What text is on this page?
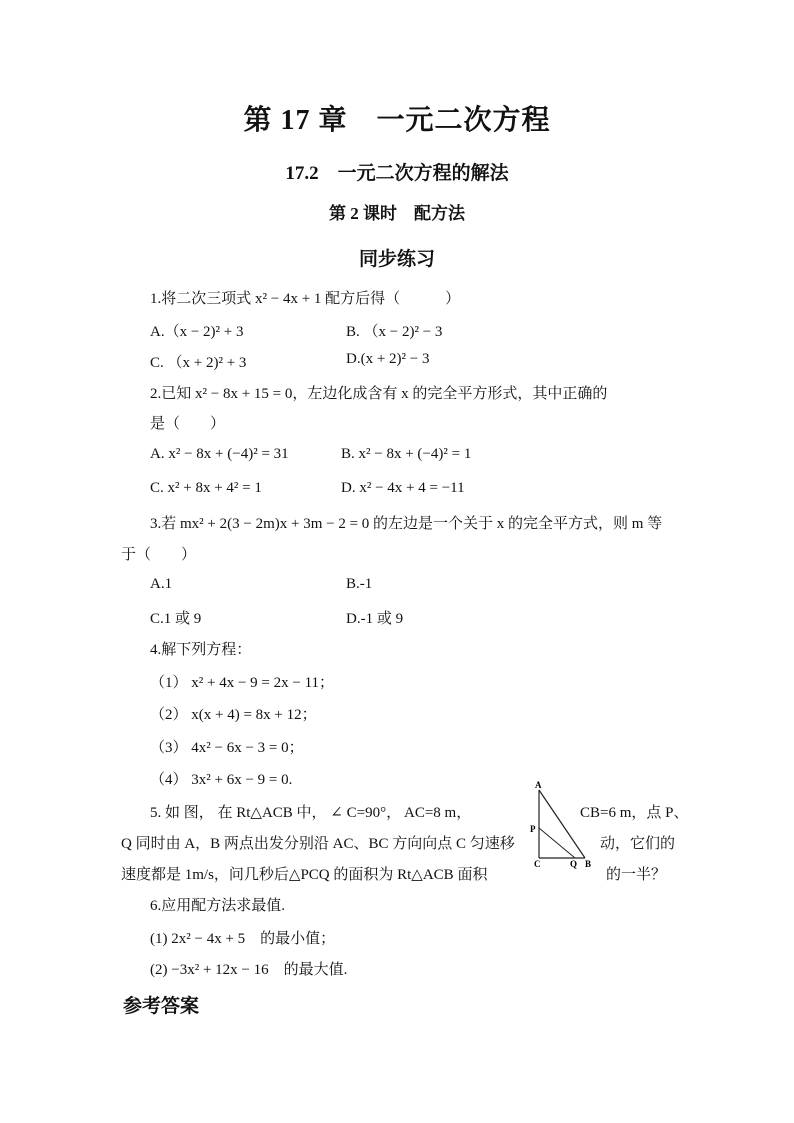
第 17 章　一元二次方程
17.2　一元二次方程的解法
第 2 课时　配方法
同步练习
1.将二次三项式 x² − 4x + 1 配方后得（　　　）
A.（x − 2)² + 3	B. （x − 2)² − 3
C. （x + 2)² + 3	D.(x + 2)² − 3
2.已知 x² − 8x + 15 = 0，左边化成含有 x 的完全平方形式，其中正确的
是（　　）
A. x² − 8x + (−4)² = 31	B. x² − 8x + (−4)² = 1
C. x² + 8x + 4² = 1	D. x² − 4x + 4 = −11
3.若 mx² + 2(3 − 2m)x + 3m − 2 = 0 的左边是一个关于 x 的完全平方式，则 m 等
于（　　）
A.1	B.-1
C.1 或 9	D.-1 或 9
4.解下列方程：
（1） x² + 4x − 9 = 2x − 11；
（2） x(x + 4) = 8x + 12；
（3） 4x² − 6x − 3 = 0；
（4） 3x² + 6x − 9 = 0.
5. 如 图， 在 Rt△ACB 中， ∠ C=90°， AC=8 m，	CB=6 m，点 P、
Q 同时由 A，B 两点出发分别沿 AC、BC 方向向点 C 匀速移	动，它们的
速度都是 1m/s，问几秒后△PCQ 的面积为 Rt△ACB 面积	的一半？
A
P
C	Q B
6.应用配方法求最值.
(1) 2x² − 4x + 5　的最小值；
(2) −3x² + 12x − 16　的最大值.
参考答案
